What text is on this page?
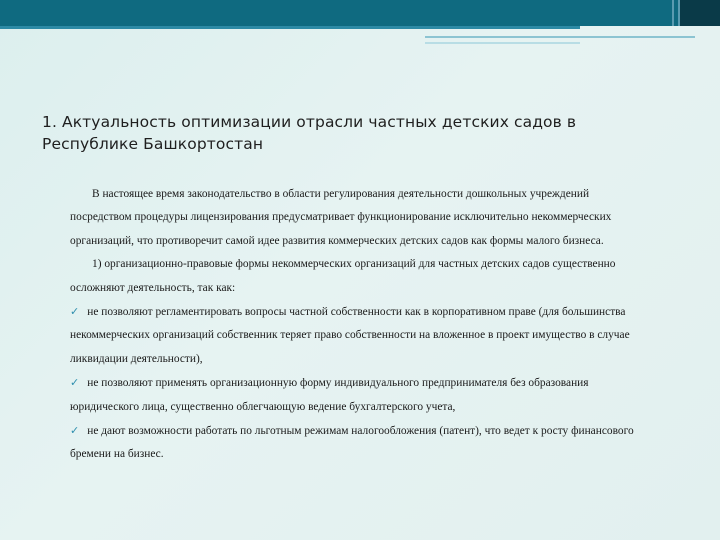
1. Актуальность оптимизации отрасли частных детских садов в Республике Башкортостан

В настоящее время законодательство в области регулирования деятельности дошкольных учреждений посредством процедуры лицензирования предусматривает функционирование исключительно некоммерческих организаций, что противоречит самой идее развития коммерческих детских садов как формы малого бизнеса.

1) организационно-правовые формы некоммерческих организаций для частных детских садов существенно осложняют деятельность, так как:

✓ не позволяют регламентировать вопросы частной собственности как в корпоративном праве (для большинства некоммерческих организаций собственник теряет право собственности на вложенное в проект имущество в случае ликвидации деятельности),

✓ не позволяют применять организационную форму индивидуального предпринимателя без образования юридического лица, существенно облегчающую ведение бухгалтерского учета,

✓ не дают возможности работать по льготным режимам налогообложения (патент), что ведет к росту финансового бремени на бизнес.
